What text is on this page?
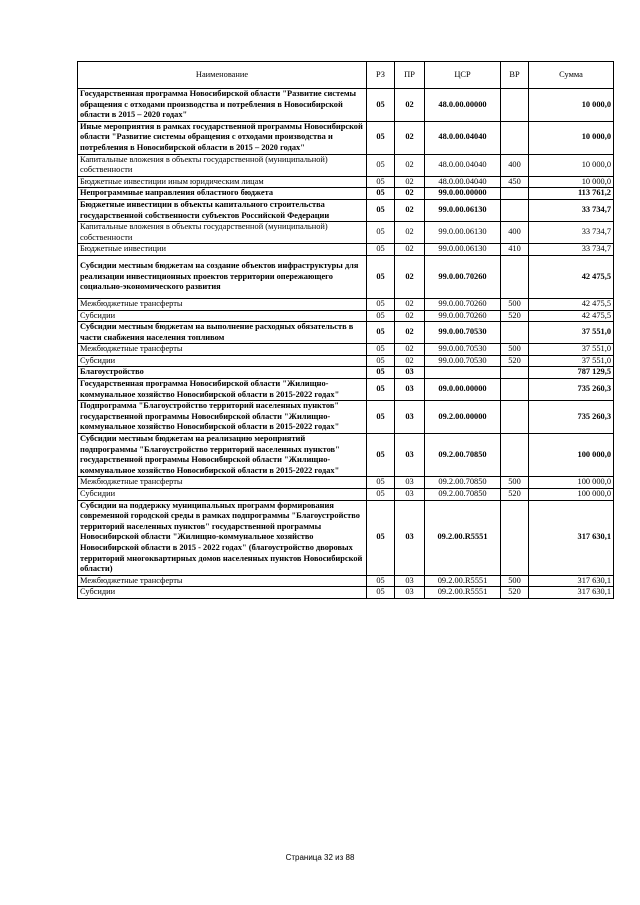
Наименование	РЗ	ПР	ЦСР	ВР	Сумма
Государственная программа Новосибирской области "Развитие системы обращения с отходами производства и потребления в Новосибирской области в 2015 – 2020 годах"	05	02	48.0.00.00000		10 000,0
Иные мероприятия в рамках государственной программы Новосибирской области "Развитие системы обращения с отходами производства и потребления в Новосибирской области в 2015 – 2020 годах"	05	02	48.0.00.04040		10 000,0
Капитальные вложения в объекты государственной (муниципальной) собственности	05	02	48.0.00.04040	400	10 000,0
Бюджетные инвестиции иным юридическим лицам	05	02	48.0.00.04040	450	10 000,0
Непрограммные направления областного бюджета	05	02	99.0.00.00000		113 761,2
Бюджетные инвестиции в объекты капитального строительства государственной собственности субъектов Российской Федерации	05	02	99.0.00.06130		33 734,7
Капитальные вложения в объекты государственной (муниципальной) собственности	05	02	99.0.00.06130	400	33 734,7
Бюджетные инвестиции	05	02	99.0.00.06130	410	33 734,7
Субсидии местным бюджетам на создание объектов инфраструктуры для реализации инвестиционных проектов территории опережающего социально-экономического развития	05	02	99.0.00.70260		42 475,5
Межбюджетные трансферты	05	02	99.0.00.70260	500	42 475,5
Субсидии	05	02	99.0.00.70260	520	42 475,5
Субсидии местным бюджетам на выполнение расходных обязательств в части снабжения населения топливом	05	02	99.0.00.70530		37 551,0
Межбюджетные трансферты	05	02	99.0.00.70530	500	37 551,0
Субсидии	05	02	99.0.00.70530	520	37 551,0
Благоустройство	05	03			787 129,5
Государственная программа Новосибирской области "Жилищно-коммунальное хозяйство Новосибирской области в 2015-2022 годах"	05	03	09.0.00.00000		735 260,3
Подпрограмма "Благоустройство территорий населенных пунктов" государственной программы Новосибирской области "Жилищно-коммунальное хозяйство Новосибирской области в 2015-2022 годах"	05	03	09.2.00.00000		735 260,3
Субсидии местным бюджетам на реализацию мероприятий подпрограммы "Благоустройство территорий населенных пунктов" государственной программы Новосибирской области "Жилищно-коммунальное хозяйство Новосибирской области в 2015-2022 годах"	05	03	09.2.00.70850		100 000,0
Межбюджетные трансферты	05	03	09.2.00.70850	500	100 000,0
Субсидии	05	03	09.2.00.70850	520	100 000,0
Субсидии на поддержку муниципальных программ формирования современной городской среды в рамках подпрограммы "Благоустройство территорий населенных пунктов" государственной программы Новосибирской области "Жилищно-коммунальное хозяйство Новосибирской области в 2015 - 2022 годах" (благоустройство дворовых территорий многоквартирных домов населенных пунктов Новосибирской области)	05	03	09.2.00.R5551		317 630,1
Межбюджетные трансферты	05	03	09.2.00.R5551	500	317 630,1
Субсидии	05	03	09.2.00.R5551	520	317 630,1
Страница 32 из 88
